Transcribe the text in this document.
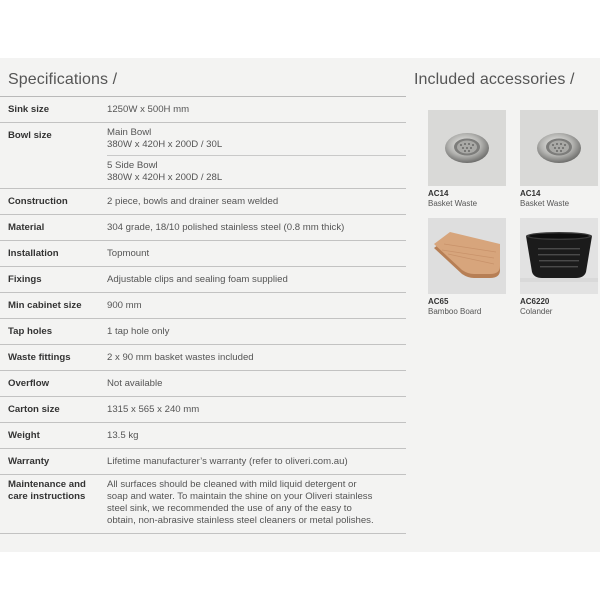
Specifications /
Sink size	1250W x 500H mm

Bowl size	Main Bowl
380W x 420H x 200D / 30L
5 Side Bowl
380W x 420H x 200D / 28L

Construction	2 piece, bowls and drainer seam welded

Material	304 grade, 18/10 polished stainless steel (0.8 mm thick)

Installation	Topmount

Fixings	Adjustable clips and sealing foam supplied

Min cabinet size	900 mm

Tap holes	1 tap hole only

Waste fittings	2 x 90 mm basket wastes included

Overflow	Not available

Carton size	1315 x 565 x 240 mm

Weight	13.5 kg

Warranty	Lifetime manufacturer’s warranty (refer to oliveri.com.au)

Maintenance and
care instructions	All surfaces should be cleaned with mild liquid detergent or
soap and water. To maintain the shine on your Oliveri stainless
steel sink, we recommended the use of any of the easy to
obtain, non-abrasive stainless steel cleaners or metal polishes.
Included accessories /
AC14
Basket Waste
AC14
Basket Waste
AC65
Bamboo Board
AC6220
Colander
